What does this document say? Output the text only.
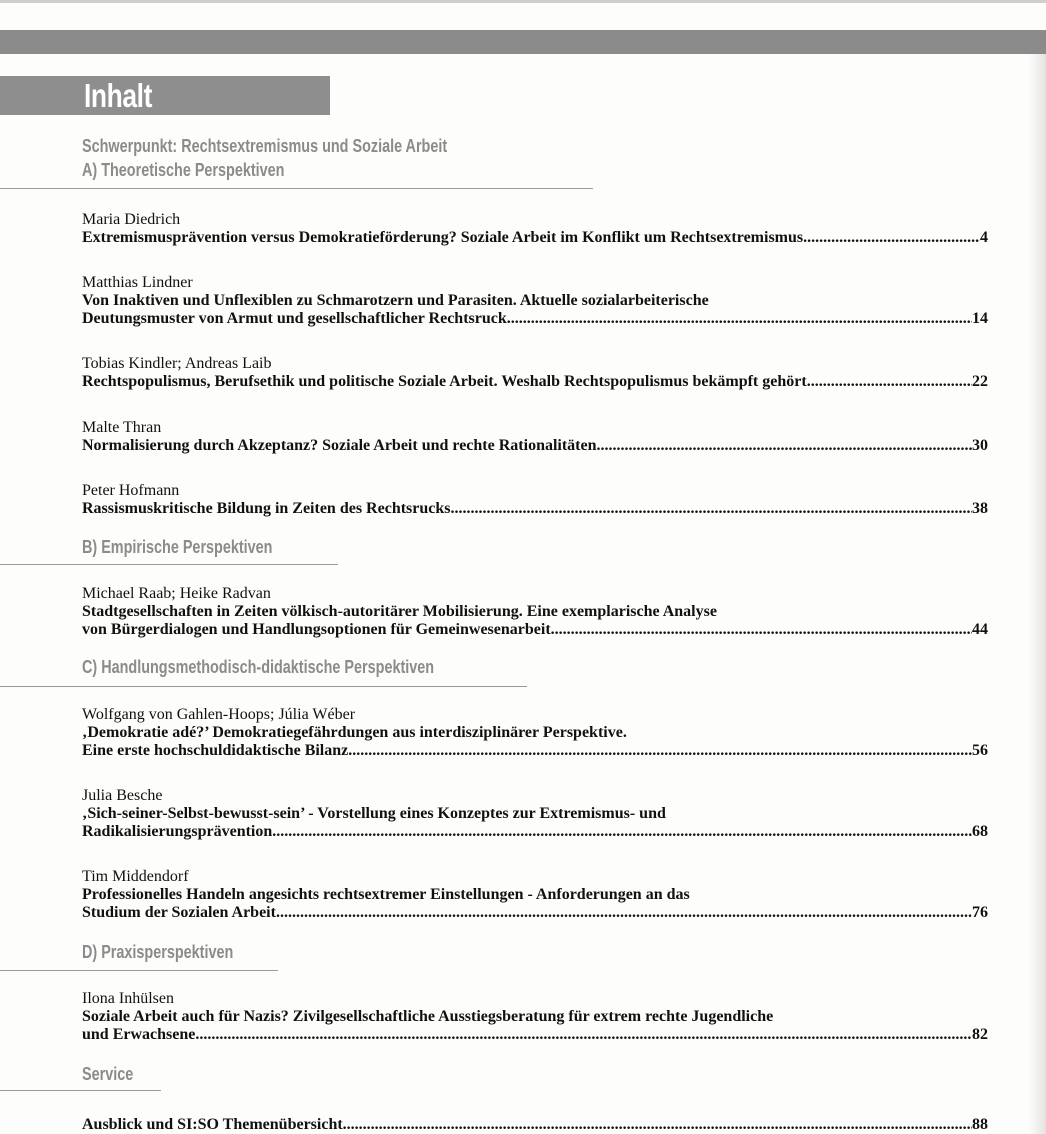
Inhalt
Schwerpunkt: Rechtsextremismus und Soziale Arbeit
A) Theoretische Perspektiven
Maria Diedrich
Extremismusprävention versus Demokratieförderung? Soziale Arbeit im Konflikt um Rechtsextremismus .....	4
Matthias Lindner
Von Inaktiven und Unflexiblen zu Schmarotzern und Parasiten. Aktuelle sozialarbeiterische
Deutungsmuster von Armut und gesellschaftlicher Rechtsruck .....	14
Tobias Kindler; Andreas Laib
Rechtspopulismus, Berufsethik und politische Soziale Arbeit. Weshalb Rechtspopulismus bekämpft gehört .....	22
Malte Thran
Normalisierung durch Akzeptanz? Soziale Arbeit und rechte Rationalitäten .....	30
Peter Hofmann
Rassismuskritische Bildung in Zeiten des Rechtsrucks .....	38
B) Empirische Perspektiven
Michael Raab; Heike Radvan
Stadtgesellschaften in Zeiten völkisch-autoritärer Mobilisierung. Eine exemplarische Analyse
von Bürgerdialogen und Handlungsoptionen für Gemeinwesenarbeit .....	44
C) Handlungsmethodisch-didaktische Perspektiven
Wolfgang von Gahlen-Hoops; Júlia Wéber
‚Demokratie adé?’ Demokratiegefährdungen aus interdisziplinärer Perspektive.
Eine erste hochschuldidaktische Bilanz .....	56
Julia Besche
‚Sich-seiner-Selbst-bewusst-sein’ - Vorstellung eines Konzeptes zur Extremismus- und
Radikalisierungsprävention .....	68
Tim Middendorf
Professionelles Handeln angesichts rechtsextremer Einstellungen - Anforderungen an das
Studium der Sozialen Arbeit .....	76
D) Praxisperspektiven
Ilona Inhülsen
Soziale Arbeit auch für Nazis? Zivilgesellschaftliche Ausstiegsberatung für extrem rechte Jugendliche
und Erwachsene .....	82
Service
Ausblick und SI:SO Themenübersicht .....	88
